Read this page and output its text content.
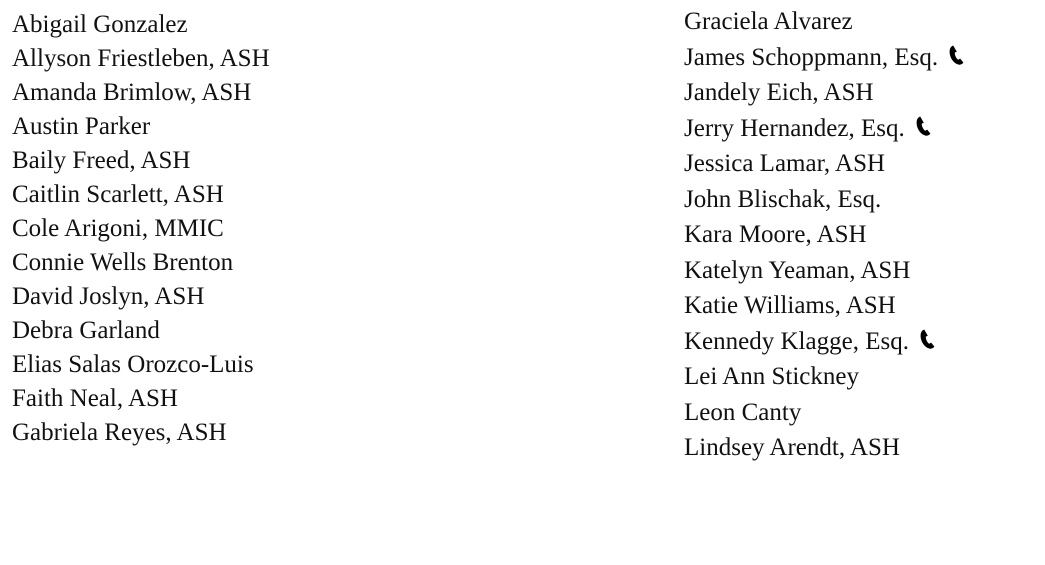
Abigail Gonzalez
Allyson Friestleben, ASH
Amanda Brimlow, ASH
Austin Parker
Baily Freed, ASH
Caitlin Scarlett, ASH
Cole Arigoni, MMIC
Connie Wells Brenton
David Joslyn, ASH
Debra Garland
Elias Salas Orozco-Luis
Faith Neal, ASH
Gabriela Reyes, ASH
Graciela Alvarez
James Schoppmann, Esq.
Jandely Eich, ASH
Jerry Hernandez, Esq.
Jessica Lamar, ASH
John Blischak, Esq.
Kara Moore, ASH
Katelyn Yeaman, ASH
Katie Williams, ASH
Kennedy Klagge, Esq.
Lei Ann Stickney
Leon Canty
Lindsey Arendt, ASH
